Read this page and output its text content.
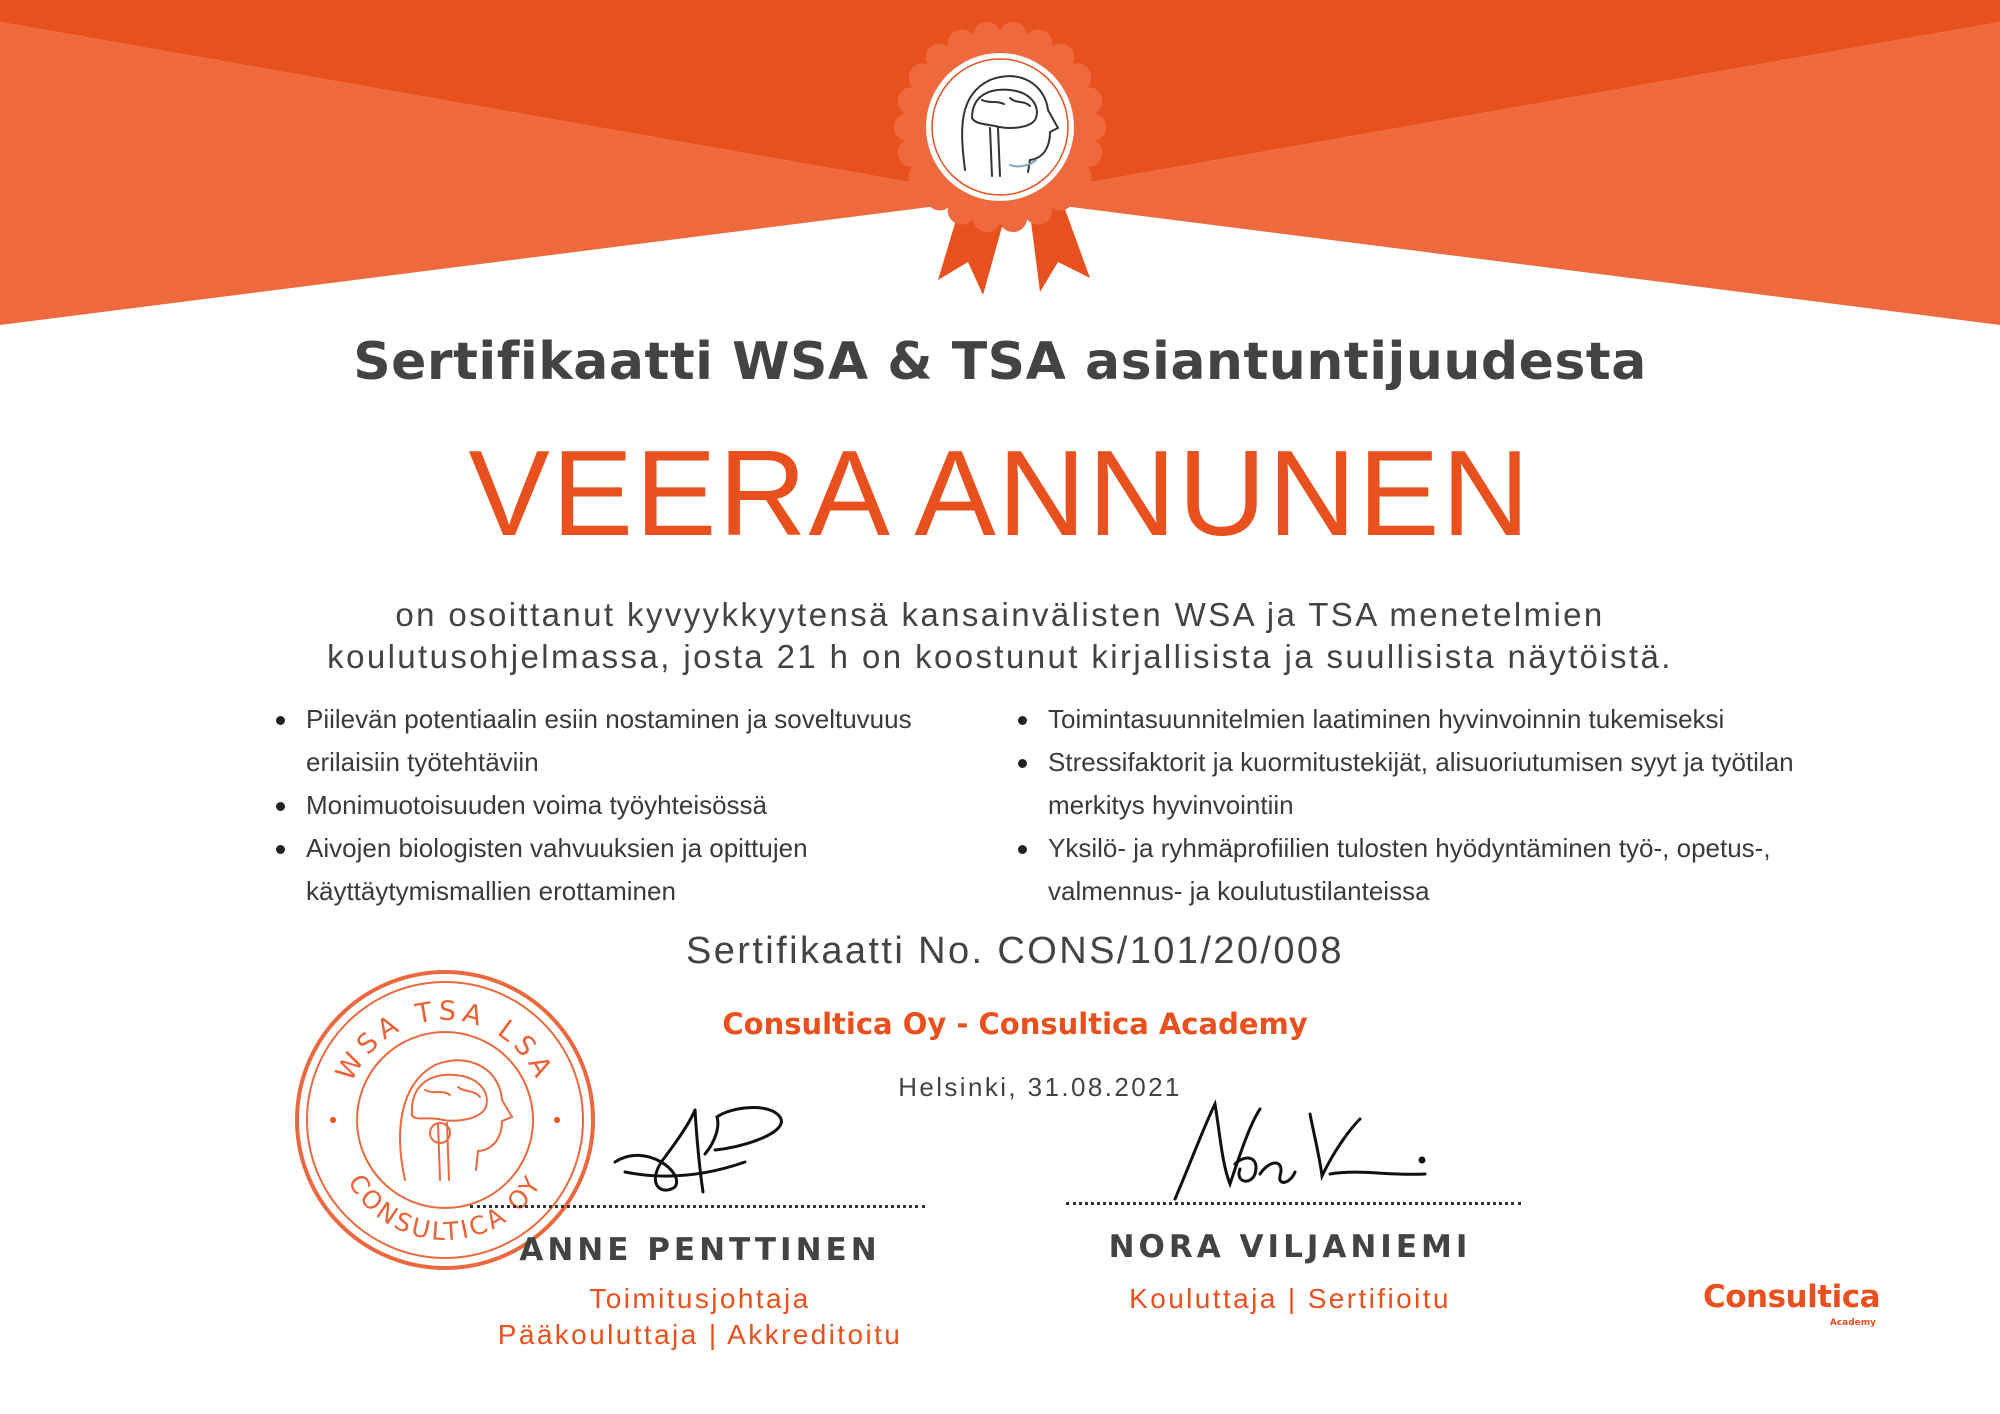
Sertifikaatti WSA & TSA asiantuntijuudesta
VEERA ANNUNEN
on osoittanut kyvyykkyytensä kansainvälisten WSA ja TSA menetelmien
koulutusohjelmassa, josta 21 h on koostunut kirjallisista ja suullisista näytöistä.
Piilevän potentiaalin esiin nostaminen ja soveltuvuus erilaisiin työtehtäviin
Monimuotoisuuden voima työyhteisössä
Aivojen biologisten vahvuuksien ja opittujen käyttäytymismallien erottaminen
Toimintasuunnitelmien laatiminen hyvinvoinnin tukemiseksi
Stressifaktorit ja kuormitustekijät, alisuoriutumisen syyt ja työtilan merkitys hyvinvointiin
Yksilö- ja ryhmäprofiilien tulosten hyödyntäminen työ-, opetus-, valmennus- ja koulutustilanteissa
Sertifikaatti No. CONS/101/20/008
Consultica Oy - Consultica Academy
Helsinki, 31.08.2021
WSA TSA LSA
CONSULTICA OY
ANNE PENTTINEN
Toimitusjohtaja
Pääkouluttaja | Akkreditoitu
NORA VILJANIEMI
Kouluttaja | Sertifioitu	Consultica
Academy
